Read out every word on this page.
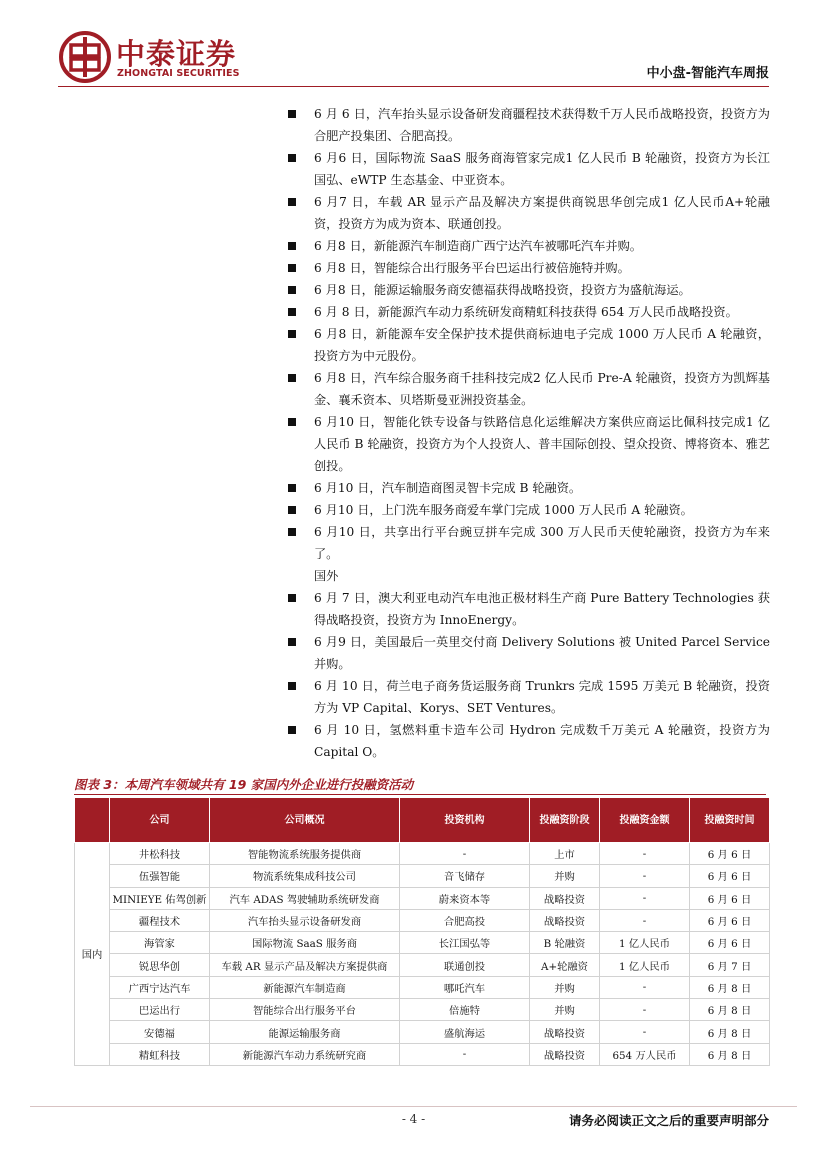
中泰证券
ZHONGTAI SECURITIES	中小盘-智能汽车周报
6 月 6 日，汽车抬头显示设备研发商疆程技术获得数千万人民币战略投资，投资方为合肥产投集团、合肥高投。
6 月6 日，国际物流 SaaS 服务商海管家完成1 亿人民币 B 轮融资，投资方为长江国弘、eWTP 生态基金、中亚资本。
6 月7 日，车载 AR 显示产品及解决方案提供商锐思华创完成1 亿人民币A+轮融资，投资方为成为资本、联通创投。
6 月8 日，新能源汽车制造商广西宁达汽车被哪吒汽车并购。
6 月8 日，智能综合出行服务平台巴运出行被倍施特并购。
6 月8 日，能源运输服务商安德福获得战略投资，投资方为盛航海运。
6 月 8 日，新能源汽车动力系统研发商精虹科技获得 654 万人民币战略投资。
6 月8 日，新能源车安全保护技术提供商标迪电子完成 1000 万人民币 A 轮融资，投资方为中元股份。
6 月8 日，汽车综合服务商千挂科技完成2 亿人民币 Pre-A 轮融资，投资方为凯辉基金、襄禾资本、贝塔斯曼亚洲投资基金。
6 月10 日，智能化铁专设备与铁路信息化运维解决方案供应商运比佩科技完成1 亿人民币 B 轮融资，投资方为个人投资人、普丰国际创投、望众投资、博将资本、雅艺创投。
6 月10 日，汽车制造商图灵智卡完成 B 轮融资。
6 月10 日，上门洗车服务商爱车掌门完成 1000 万人民币 A 轮融资。
6 月10 日，共享出行平台豌豆拼车完成 300 万人民币天使轮融资，投资方为车来了。
国外
6 月 7 日，澳大利亚电动汽车电池正极材料生产商 Pure Battery Technologies 获得战略投资，投资方为 InnoEnergy。
6 月9 日，美国最后一英里交付商 Delivery Solutions 被 United Parcel Service 并购。
6 月 10 日，荷兰电子商务货运服务商 Trunkrs 完成 1595 万美元 B 轮融资，投资方为 VP Capital、Korys、SET Ventures。
6 月 10 日，氢燃料重卡造车公司 Hydron 完成数千万美元 A 轮融资，投资方为 Capital O。
图表 3：本周汽车领域共有 19 家国内外企业进行投融资活动
	公司	公司概况	投资机构	投融资阶段	投融资金额	投融资时间
国内	井松科技	智能物流系统服务提供商	-	上市	-	6 月 6 日
	伍强智能	物流系统集成科技公司	音飞储存	并购	-	6 月 6 日
	MINIEYE 佑驾创新	汽车 ADAS 驾驶辅助系统研发商	蔚来资本等	战略投资	-	6 月 6 日
	疆程技术	汽车抬头显示设备研发商	合肥高投	战略投资	-	6 月 6 日
	海管家	国际物流 SaaS 服务商	长江国弘等	B 轮融资	1 亿人民币	6 月 6 日
	锐思华创	车载 AR 显示产品及解决方案提供商	联通创投	A+轮融资	1 亿人民币	6 月 7 日
	广西宁达汽车	新能源汽车制造商	哪吒汽车	并购	-	6 月 8 日
	巴运出行	智能综合出行服务平台	倍施特	并购	-	6 月 8 日
	安德福	能源运输服务商	盛航海运	战略投资	-	6 月 8 日
	精虹科技	新能源汽车动力系统研究商	-	战略投资	654 万人民币	6 月 8 日
- 4 -	请务必阅读正文之后的重要声明部分
